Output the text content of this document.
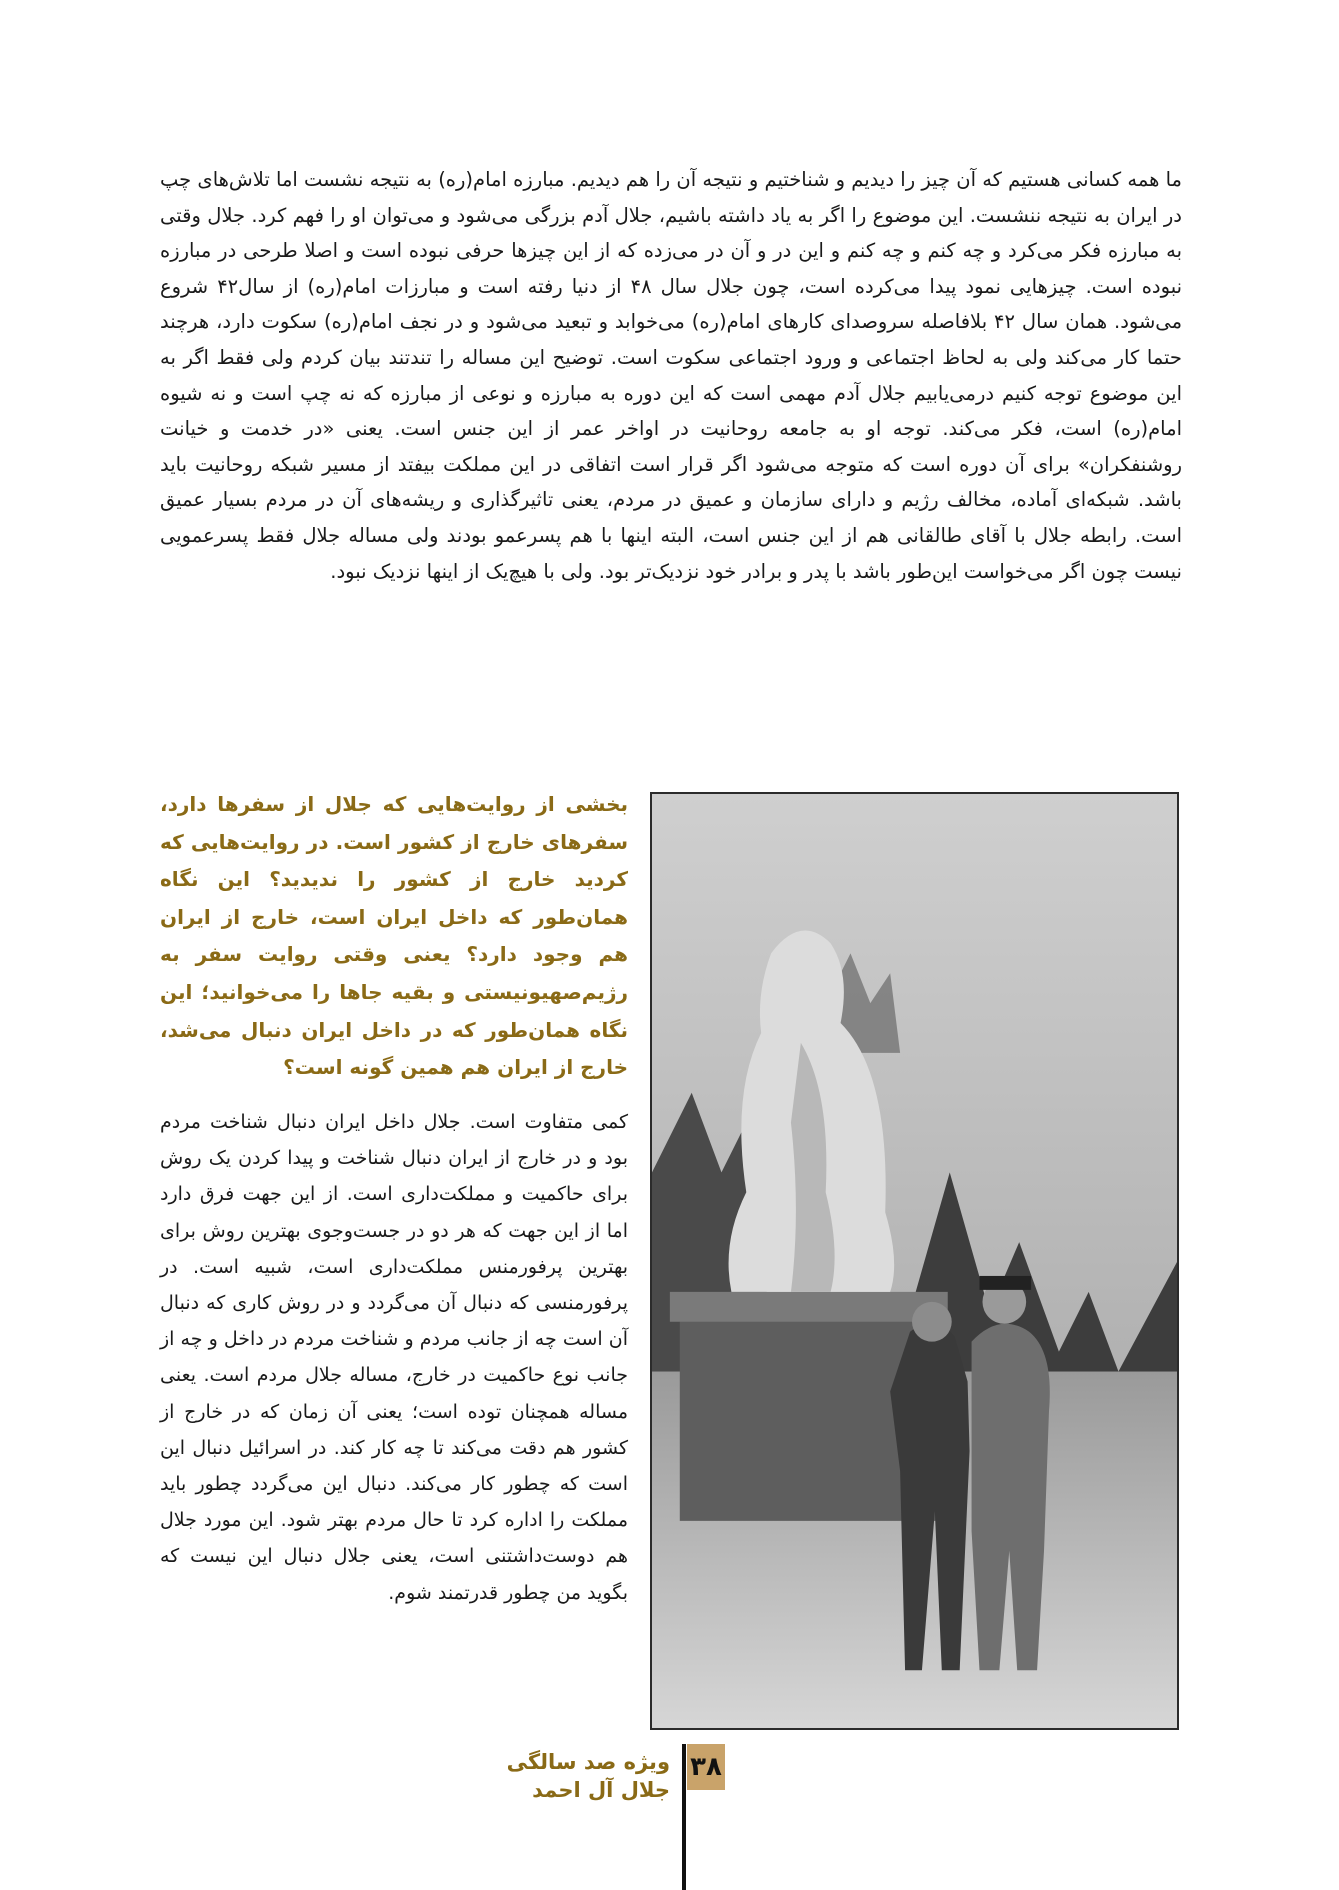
ما همه کسانی هستیم که آن چیز را دیدیم و شناختیم و نتیجه آن را هم دیدیم. مبارزه امام(ره) به نتیجه نشست اما تلاش‌های چپ در ایران به نتیجه ننشست. این موضوع را اگر به یاد داشته باشیم، جلال آدم بزرگی می‌شود و می‌توان او را فهم کرد. جلال وقتی به مبارزه فکر می‌کرد و چه کنم و چه کنم و این در و آن در می‌زده که از این چیزها حرفی نبوده است و اصلا طرحی در مبارزه نبوده است. چیزهایی نمود پیدا می‌کرده است، چون جلال سال ۴۸ از دنیا رفته است و مبارزات امام(ره) از سال۴۲ شروع می‌شود. همان سال ۴۲ بلافاصله سروصدای کارهای امام(ره) می‌خوابد و تبعید می‌شود و در نجف امام(ره) سکوت دارد، هرچند حتما کار می‌کند ولی به لحاظ اجتماعی و ورود اجتماعی سکوت است. توضیح این مساله را تندتند بیان کردم ولی فقط اگر به این موضوع توجه کنیم درمی‌یابیم جلال آدم مهمی است که این دوره به مبارزه و نوعی از مبارزه که نه چپ است و نه شیوه امام(ره) است، فکر می‌کند. توجه او به جامعه روحانیت در اواخر عمر از این جنس است. یعنی «در خدمت و خیانت روشنفکران» برای آن دوره است که متوجه می‌شود اگر قرار است اتفاقی در این مملکت بیفتد از مسیر شبکه روحانیت باید باشد. شبکه‌ای آماده، مخالف رژیم و دارای سازمان و عمیق در مردم، یعنی تاثیرگذاری و ریشه‌های آن در مردم بسیار عمیق است. رابطه جلال با آقای طالقانی هم از این جنس است، البته اینها با هم پسرعمو بودند ولی مساله جلال فقط پسرعمویی نیست چون اگر می‌خواست این‌طور باشد با پدر و برادر خود نزدیک‌تر بود. ولی با هیچ‌یک از اینها نزدیک نبود.

بخشی از روایت‌هایی که جلال از سفرها دارد، سفرهای خارج از کشور است. در روایت‌هایی که کردید خارج از کشور را ندیدید؟ این نگاه همان‌طور که داخل ایران است، خارج از ایران هم وجود دارد؟ یعنی وقتی روایت سفر به رژیم‌صهیونیستی و بقیه جاها را می‌خوانید؛ این نگاه همان‌طور که در داخل ایران دنبال می‌شد، خارج از ایران هم همین گونه است؟

کمی متفاوت است. جلال داخل ایران دنبال شناخت مردم بود و در خارج از ایران دنبال شناخت و پیدا کردن یک روش برای حاکمیت و مملکت‌داری است. از این جهت فرق دارد اما از این جهت که هر دو در جست‌وجوی بهترین روش برای بهترین پرفورمنس مملکت‌داری است، شبیه است. در پرفورمنسی که دنبال آن می‌گردد و در روش کاری که دنبال آن است چه از جانب مردم و شناخت مردم در داخل و چه از جانب نوع حاکمیت در خارج، مساله جلال مردم است. یعنی مساله همچنان توده است؛ یعنی آن زمان که در خارج از کشور هم دقت می‌کند تا چه کار کند. در اسرائیل دنبال این است که چطور کار می‌کند. دنبال این می‌گردد چطور باید مملکت را اداره کرد تا حال مردم بهتر شود. این مورد جلال هم دوست‌داشتنی است، یعنی جلال دنبال این نیست که بگوید من چطور قدرتمند شوم.

۳۸
ویژه صد سالگی
جلال آل احمد
